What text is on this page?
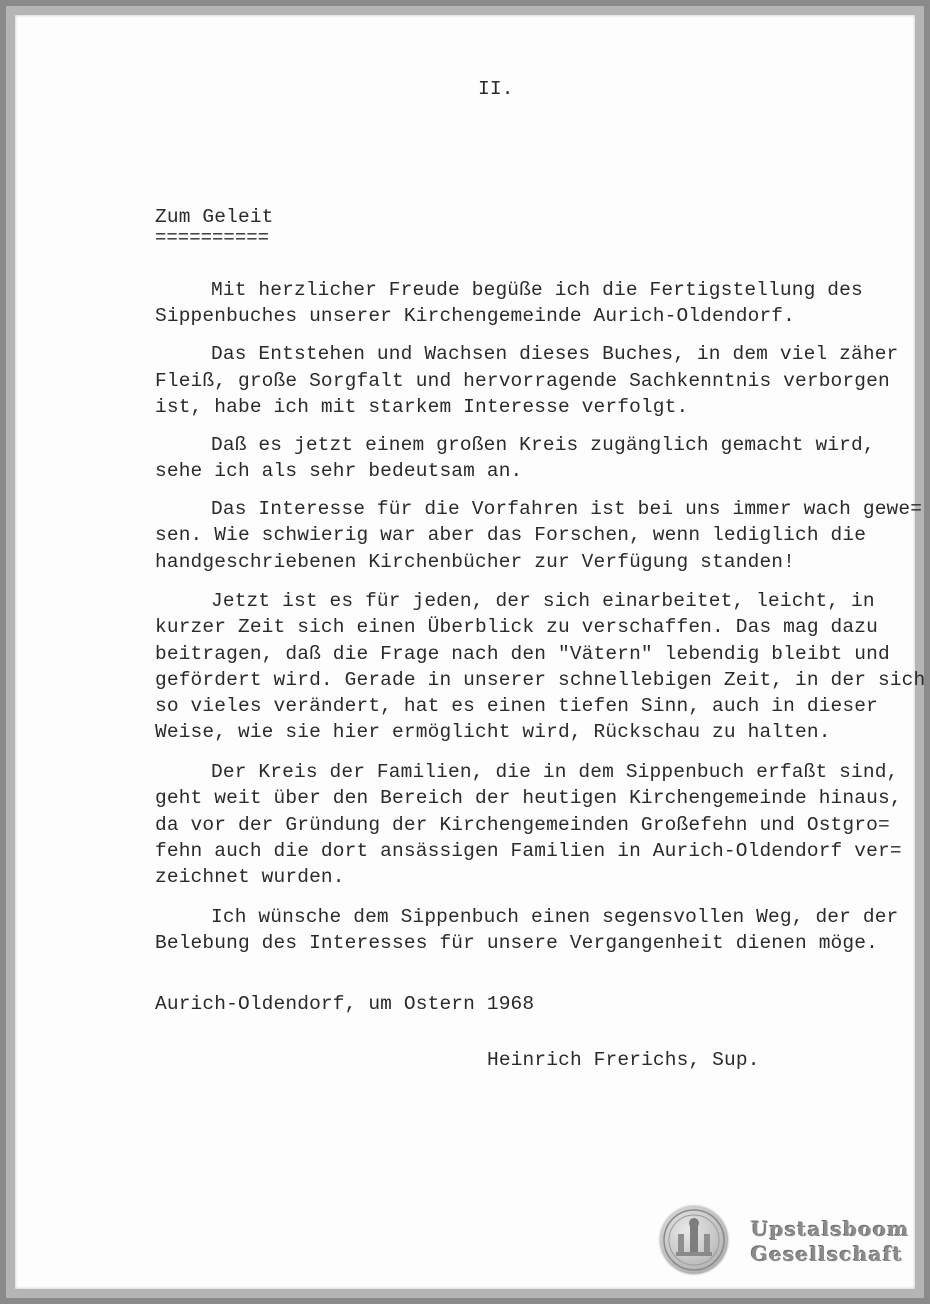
II.
Zum Geleit
==========
Mit herzlicher Freude begüße ich die Fertigstellung des
Sippenbuches unserer Kirchengemeinde Aurich-Oldendorf.
Das Entstehen und Wachsen dieses Buches, in dem viel zäher
Fleiß, große Sorgfalt und hervorragende Sachkenntnis verborgen
ist, habe ich mit starkem Interesse verfolgt.
Daß es jetzt einem großen Kreis zugänglich gemacht wird,
sehe ich als sehr bedeutsam an.
Das Interesse für die Vorfahren ist bei uns immer wach gewe=
sen. Wie schwierig war aber das Forschen, wenn lediglich die
handgeschriebenen Kirchenbücher zur Verfügung standen!
Jetzt ist es für jeden, der sich einarbeitet, leicht, in
kurzer Zeit sich einen Überblick zu verschaffen. Das mag dazu
beitragen, daß die Frage nach den "Vätern" lebendig bleibt und
gefördert wird. Gerade in unserer schnellebigen Zeit, in der sich
so vieles verändert, hat es einen tiefen Sinn, auch in dieser
Weise, wie sie hier ermöglicht wird, Rückschau zu halten.
Der Kreis der Familien, die in dem Sippenbuch erfaßt sind,
geht weit über den Bereich der heutigen Kirchengemeinde hinaus,
da vor der Gründung der Kirchengemeinden Großefehn und Ostgro=
fehn auch die dort ansässigen Familien in Aurich-Oldendorf ver=
zeichnet wurden.
Ich wünsche dem Sippenbuch einen segensvollen Weg, der der
Belebung des Interesses für unsere Vergangenheit dienen möge.
Aurich-Oldendorf, um Ostern 1968
Heinrich Frerichs, Sup.
Upstalsboom
Gesellschaft
